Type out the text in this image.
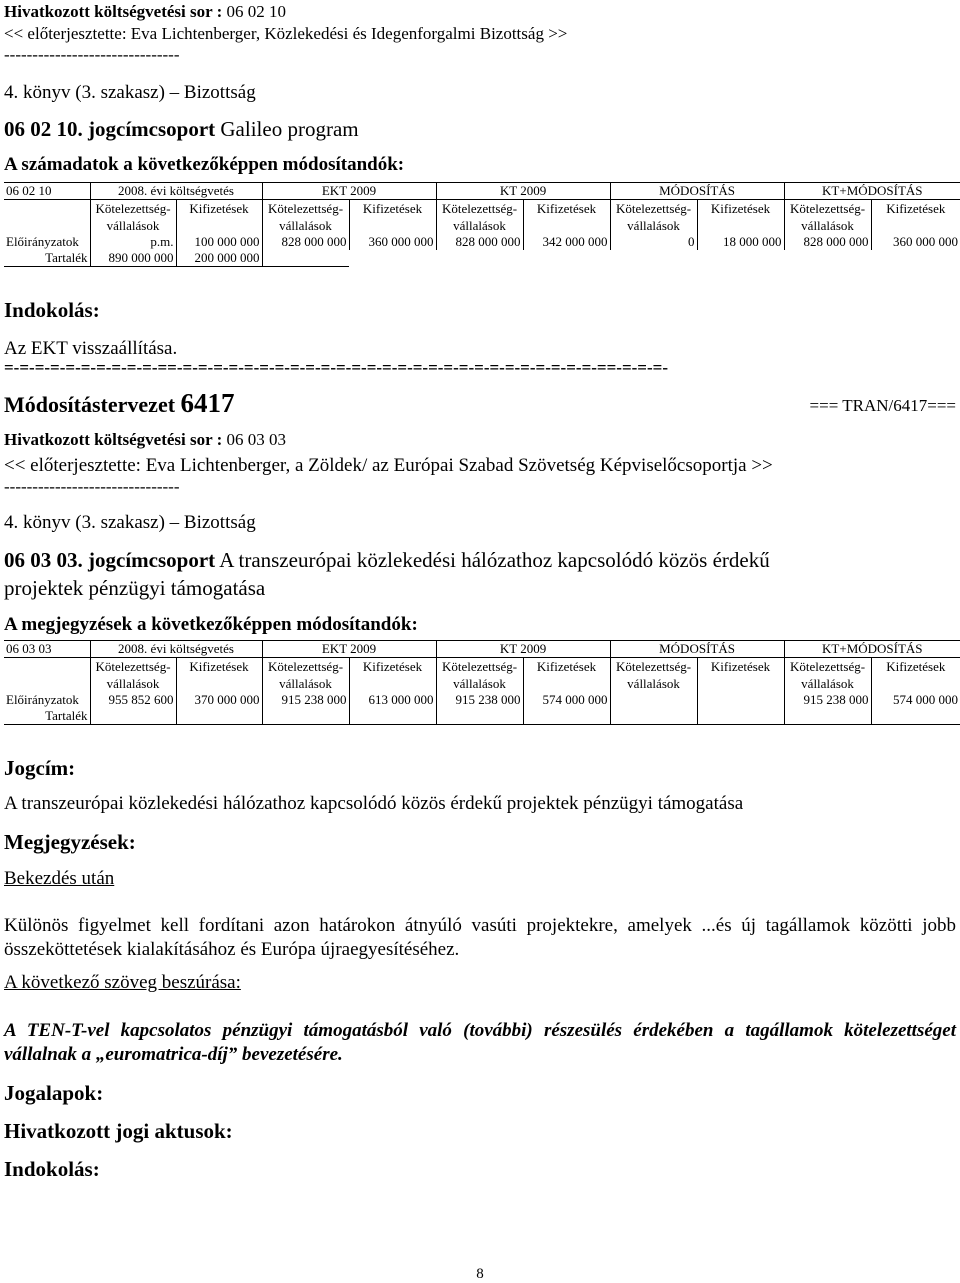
Hivatkozott költségvetési sor : 06 02 10
<< előterjesztette: Eva Lichtenberger, Közlekedési és Idegenforgalmi Bizottság >>
-------------------------------
4. könyv (3. szakasz) – Bizottság
06 02 10. jogcímcsoport Galileo program
A számadatok a következőképpen módosítandók:
06 02 10	2008. évi költségvetés		EKT 2009		KT 2009		MÓDOSÍTÁS		KT+MÓDOSÍTÁS	
	Kötelezettség-vállalások	Kifizetések	Kötelezettség-vállalások	Kifizetések	Kötelezettség-vállalások	Kifizetések	Kötelezettség-vállalások	Kifizetések	Kötelezettség-vállalások	Kifizetések
Előirányzatok	p.m.	100 000 000	828 000 000	360 000 000	828 000 000	342 000 000	0	18 000 000	828 000 000	360 000 000
Tartalék	890 000 000	200 000 000								
Indokolás:
Az EKT visszaállítása.
=-=-=-=-=-=-=-=-=-=-==-=-=-=-=-=-=-=-=-=-=-=-=-=-=-=-=-=-=-=-=-=-=-=-=-=-=-=-==-=-=-=-
Módosítástervezet 6417	=== TRAN/6417===
Hivatkozott költségvetési sor : 06 03 03
<< előterjesztette: Eva Lichtenberger, a Zöldek/ az Európai Szabad Szövetség Képviselőcsoportja >>
-------------------------------
4. könyv (3. szakasz) – Bizottság
06 03 03. jogcímcsoport A transzeurópai közlekedési hálózathoz kapcsolódó közös érdekű
projektek pénzügyi támogatása
A megjegyzések a következőképpen módosítandók:
06 03 03	2008. évi költségvetés		EKT 2009		KT 2009		MÓDOSÍTÁS		KT+MÓDOSÍTÁS	
	Kötelezettség-vállalások	Kifizetések	Kötelezettség-vállalások	Kifizetések	Kötelezettség-vállalások	Kifizetések	Kötelezettség-vállalások	Kifizetések	Kötelezettség-vállalások	Kifizetések
Előirányzatok	955 852 600	370 000 000	915 238 000	613 000 000	915 238 000	574 000 000			915 238 000	574 000 000
Tartalék										
Jogcím:
A transzeurópai közlekedési hálózathoz kapcsolódó közös érdekű projektek pénzügyi támogatása
Megjegyzések:
Bekezdés után
Különös figyelmet kell fordítani azon határokon átnyúló vasúti projektekre, amelyek ...és új tagállamok közötti jobb összeköttetések kialakításához és Európa újraegyesítéséhez.
A következő szöveg beszúrása:
A TEN-T-vel kapcsolatos pénzügyi támogatásból való (további) részesülés érdekében a tagállamok kötelezettséget vállalnak a „euromatrica-díj” bevezetésére.
Jogalapok:
Hivatkozott jogi aktusok:
Indokolás:
8
